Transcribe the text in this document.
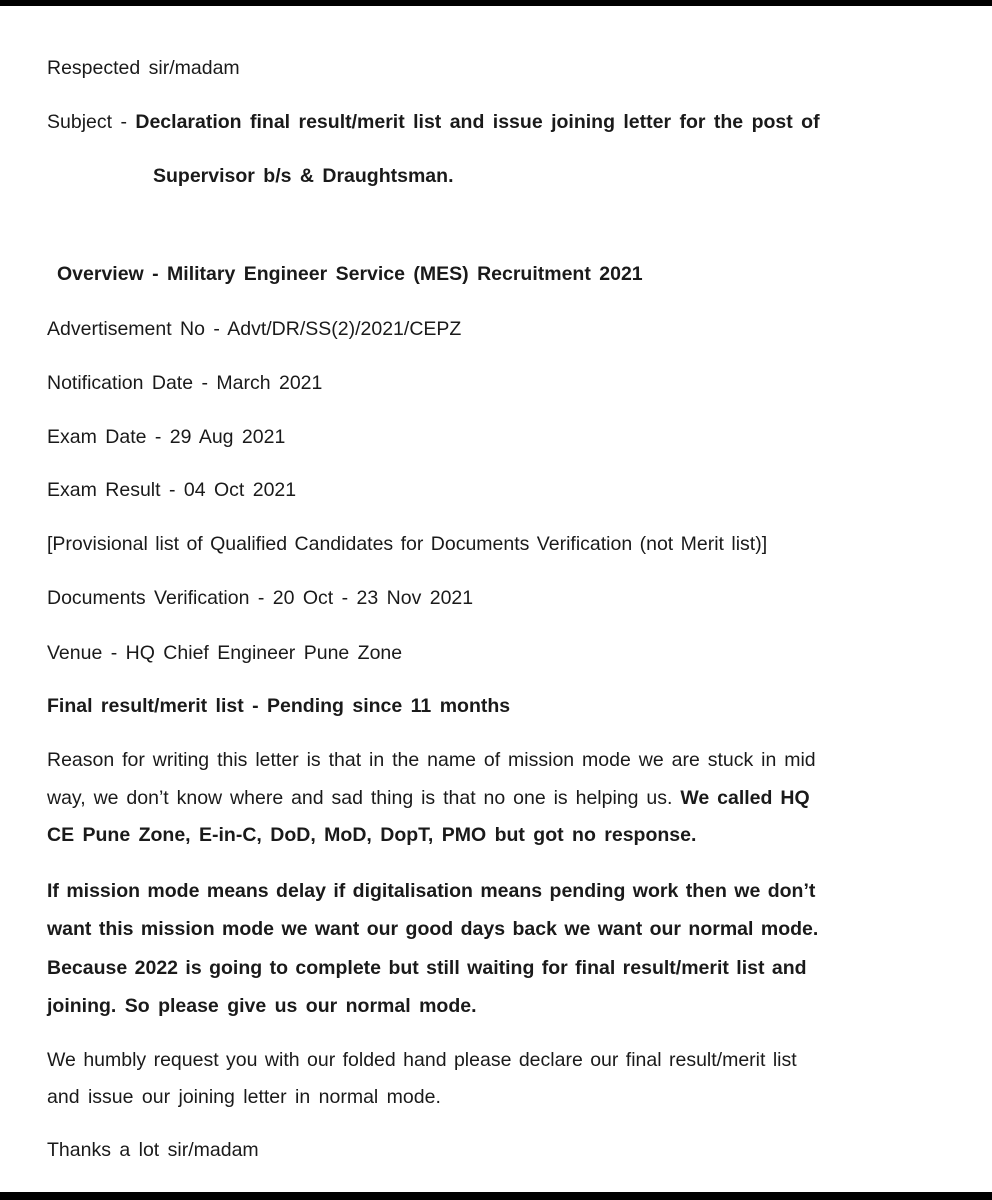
Respected sir/madam
Subject - Declaration final result/merit list and issue joining letter for the post of
Supervisor b/s & Draughtsman.
Overview - Military Engineer Service (MES) Recruitment 2021
Advertisement No - Advt/DR/SS(2)/2021/CEPZ
Notification Date - March 2021
Exam Date - 29 Aug 2021
Exam Result - 04 Oct 2021
[Provisional list of Qualified Candidates for Documents Verification (not Merit list)]
Documents Verification - 20 Oct - 23 Nov 2021
Venue - HQ Chief Engineer Pune Zone
Final result/merit list - Pending since 11 months
Reason for writing this letter is that in the name of mission mode we are stuck in mid
way, we don’t know where and sad thing is that no one is helping us. We called HQ
CE Pune Zone, E-in-C, DoD, MoD, DopT, PMO but got no response.
If mission mode means delay if digitalisation means pending work then we don’t
want this mission mode we want our good days back we want our normal mode.
Because 2022 is going to complete but still waiting for final result/merit list and
joining. So please give us our normal mode.
We humbly request you with our folded hand please declare our final result/merit list
and issue our joining letter in normal mode.
Thanks a lot sir/madam
